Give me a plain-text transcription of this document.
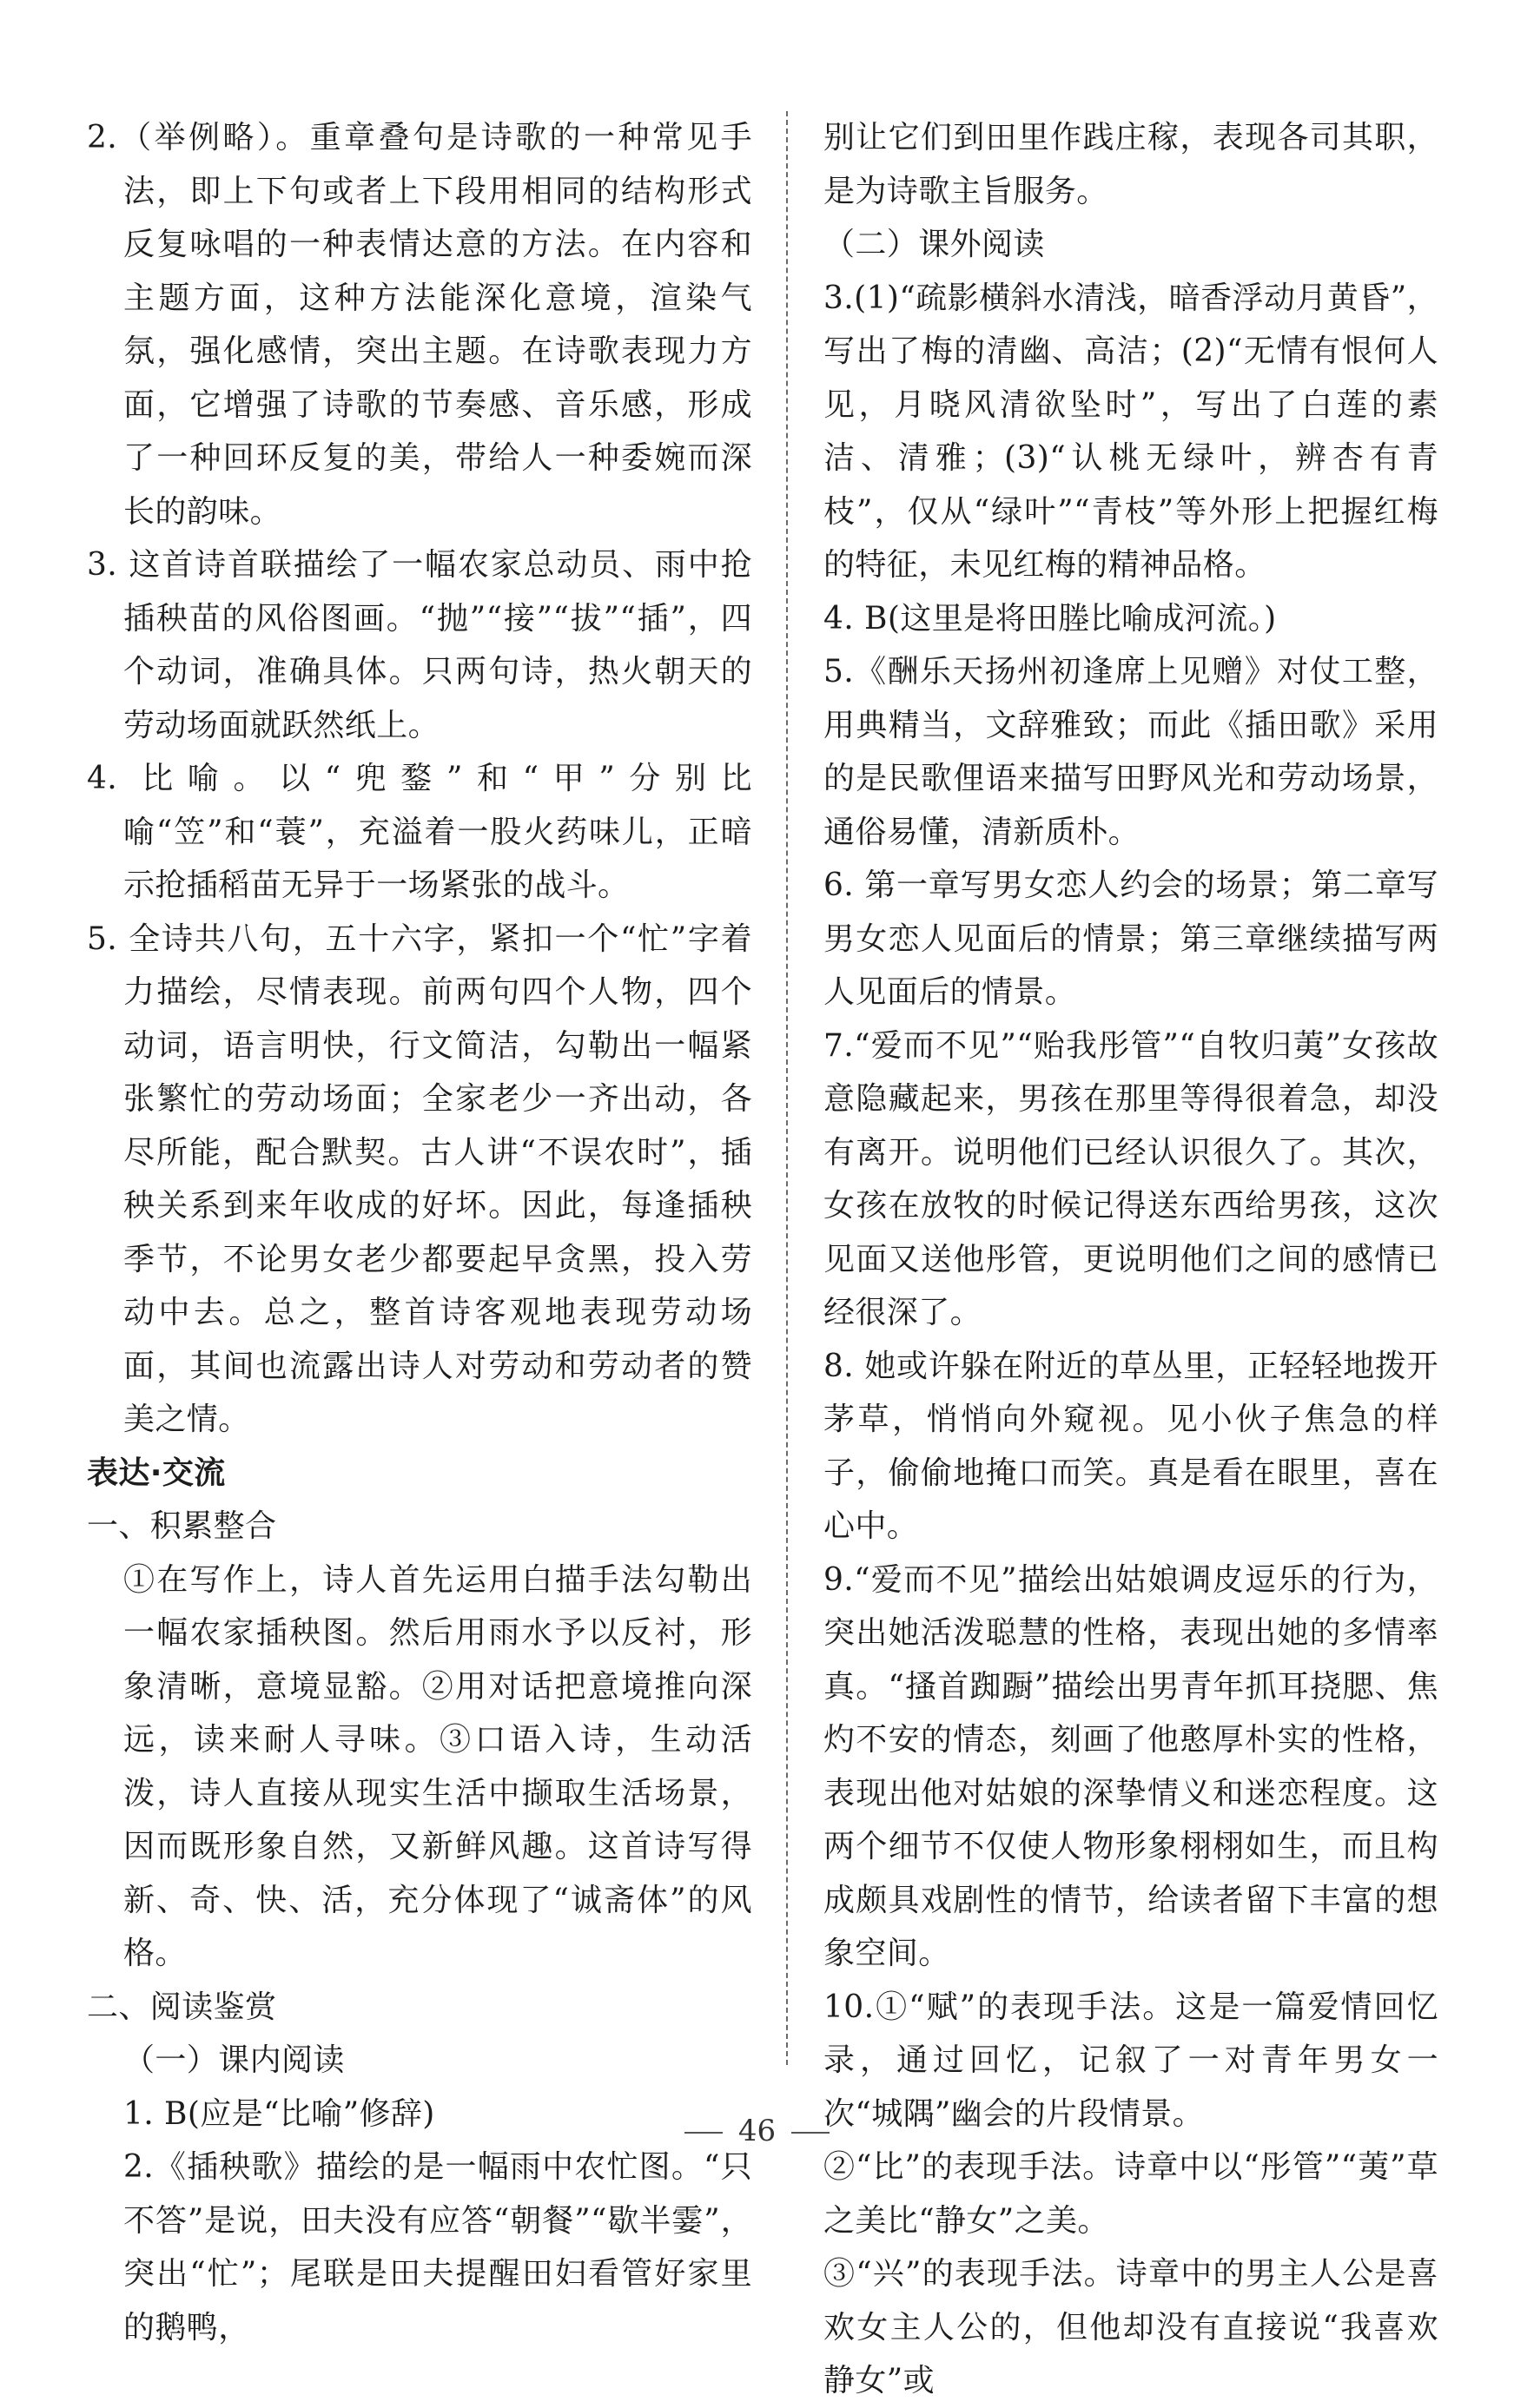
2.（举例略）。重章叠句是诗歌的一种常见手法，即上下句或者上下段用相同的结构形式反复咏唱的一种表情达意的方法。在内容和主题方面，这种方法能深化意境，渲染气氛，强化感情，突出主题。在诗歌表现力方面，它增强了诗歌的节奏感、音乐感，形成了一种回环反复的美，带给人一种委婉而深长的韵味。

3. 这首诗首联描绘了一幅农家总动员、雨中抢插秧苗的风俗图画。“抛”“接”“拔”“插”，四个动词，准确具体。只两句诗，热火朝天的劳动场面就跃然纸上。

4. 比喻。以“兜鍪”和“甲”分别比喻“笠”和“蓑”，充溢着一股火药味儿，正暗示抢插稻苗无异于一场紧张的战斗。

5. 全诗共八句，五十六字，紧扣一个“忙”字着力描绘，尽情表现。前两句四个人物，四个动词，语言明快，行文简洁，勾勒出一幅紧张繁忙的劳动场面；全家老少一齐出动，各尽所能，配合默契。古人讲“不误农时”，插秧关系到来年收成的好坏。因此，每逢插秧季节，不论男女老少都要起早贪黑，投入劳动中去。总之，整首诗客观地表现劳动场面，其间也流露出诗人对劳动和劳动者的赞美之情。

表达·交流

一、积累整合

①在写作上，诗人首先运用白描手法勾勒出一幅农家插秧图。然后用雨水予以反衬，形象清晰，意境显豁。②用对话把意境推向深远，读来耐人寻味。③口语入诗，生动活泼，诗人直接从现实生活中撷取生活场景，因而既形象自然，又新鲜风趣。这首诗写得新、奇、快、活，充分体现了“诚斋体”的风格。

二、阅读鉴赏

（一）课内阅读

1. B(应是“比喻”修辞)

2.《插秧歌》描绘的是一幅雨中农忙图。“只不答”是说，田夫没有应答“朝餐”“歇半霎”，突出“忙”；尾联是田夫提醒田妇看管好家里的鹅鸭，

别让它们到田里作践庄稼，表现各司其职，是为诗歌主旨服务。

（二）课外阅读

3.(1)“疏影横斜水清浅，暗香浮动月黄昏”，写出了梅的清幽、高洁；(2)“无情有恨何人见，月晓风清欲坠时”，写出了白莲的素洁、清雅；(3)“认桃无绿叶，辨杏有青枝”，仅从“绿叶”“青枝”等外形上把握红梅的特征，未见红梅的精神品格。

4. B(这里是将田塍比喻成河流。)

5.《酬乐天扬州初逢席上见赠》对仗工整，用典精当，文辞雅致；而此《插田歌》采用的是民歌俚语来描写田野风光和劳动场景，通俗易懂，清新质朴。

6. 第一章写男女恋人约会的场景；第二章写男女恋人见面后的情景；第三章继续描写两人见面后的情景。

7.“爱而不见”“贻我彤管”“自牧归荑”女孩故意隐藏起来，男孩在那里等得很着急，却没有离开。说明他们已经认识很久了。其次，女孩在放牧的时候记得送东西给男孩，这次见面又送他彤管，更说明他们之间的感情已经很深了。

8. 她或许躲在附近的草丛里，正轻轻地拨开茅草，悄悄向外窥视。见小伙子焦急的样子，偷偷地掩口而笑。真是看在眼里，喜在心中。

9.“爱而不见”描绘出姑娘调皮逗乐的行为，突出她活泼聪慧的性格，表现出她的多情率真。“搔首踟蹰”描绘出男青年抓耳挠腮、焦灼不安的情态，刻画了他憨厚朴实的性格，表现出他对姑娘的深挚情义和迷恋程度。这两个细节不仅使人物形象栩栩如生，而且构成颇具戏剧性的情节，给读者留下丰富的想象空间。

10.①“赋”的表现手法。这是一篇爱情回忆录，通过回忆，记叙了一对青年男女一次“城隅”幽会的片段情景。

②“比”的表现手法。诗章中以“彤管”“荑”草之美比“静女”之美。

③“兴”的表现手法。诗章中的男主人公是喜欢女主人公的，但他却没有直接说“我喜欢静女”或

46
